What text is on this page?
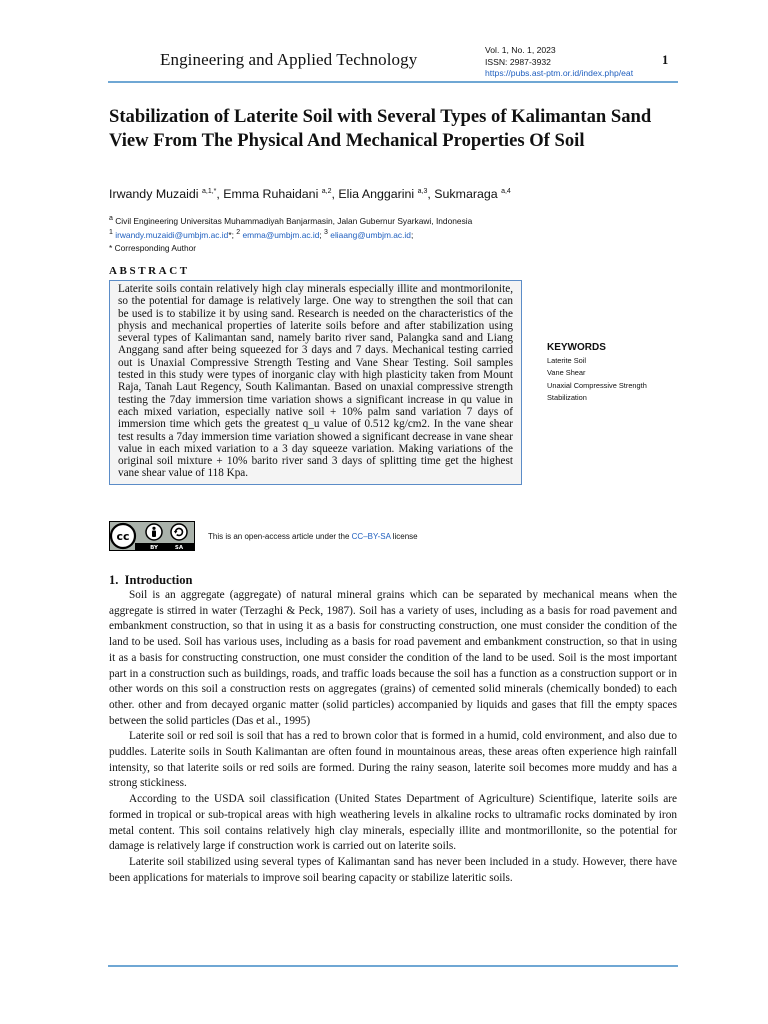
Engineering and Applied Technology	Vol. 1, No. 1, 2023
ISSN: 2987-3932
https://pubs.ast-ptm.or.id/index.php/eat
1
Stabilization of Laterite Soil with Several Types of Kalimantan Sand View From The Physical And Mechanical Properties Of Soil
Irwandy Muzaidi $^{a,1,*}$, Emma Ruhaidani $^{a,2}$, Elia Anggarini $^{a,3}$, Sukmaraga $^{a,4}$
$^a$ Civil Engineering Universitas Muhammadiyah Banjarmasin, Jalan Gubernur Syarkawi, Indonesia
$^1$ irwandy.muzaidi@umbjm.ac.id*; $^2$ emma@umbjm.ac.id; $^3$ eliaang@umbjm.ac.id;
* Corresponding Author
ABSTRACT
Laterite soils contain relatively high clay minerals especially illite and montmorilonite, so the potential for damage is relatively large. One way to strengthen the soil that can be used is to stabilize it by using sand. Research is needed on the characteristics of the physis and mechanical properties of laterite soils before and after stabilization using several types of Kalimantan sand, namely barito river sand, Palangka sand and Liang Anggang sand after being squeezed for 3 days and 7 days. Mechanical testing carried out is Unaxial Compressive Strength Testing and Vane Shear Testing. Soil samples tested in this study were types of inorganic clay with high plasticity taken from Mount Raja, Tanah Laut Regency, South Kalimantan. Based on unaxial compressive strength testing the 7day immersion time variation shows a significant increase in qu value in each mixed variation, especially native soil + 10% palm sand variation 7 days of immersion time which gets the greatest q_u value of 0.512 kg/cm2. In the vane shear test results a 7day immersion time variation showed a significant decrease in vane shear value in each mixed variation to a 3 day squeeze variation. Making variations of the original soil mixture + 10% barito river sand 3 days of splitting time get the highest vane shear value of 118 Kpa.
KEYWORDS
Laterite Soil
Vane Shear
Unaxial Compressive Strength
Stabilization
cc
BY	SA
This is an open-access article under the CC–BY-SA license
1. Introduction

Soil is an aggregate (aggregate) of natural mineral grains which can be separated by mechanical means when the aggregate is stirred in water (Terzaghi & Peck, 1987). Soil has a variety of uses, including as a basis for road pavement and embankment construction, so that in using it as a basis for constructing construction, one must consider the condition of the land to be used. Soil has various uses, including as a basis for road pavement and embankment construction, so that in using it as a basis for constructing construction, one must consider the condition of the land to be used. Soil is the most important part in a construction such as buildings, roads, and traffic loads because the soil has a function as a construction support or in other words on this soil a construction rests on aggregates (grains) of cemented solid minerals (chemically bonded) to each other. other and from decayed organic matter (solid particles) accompanied by liquids and gases that fill the empty spaces between the solid particles (Das et al., 1995)

Laterite soil or red soil is soil that has a red to brown color that is formed in a humid, cold environment, and also due to puddles. Laterite soils in South Kalimantan are often found in mountainous areas, these areas often experience high rainfall intensity, so that laterite soils or red soils are formed. During the rainy season, laterite soil becomes more muddy and has a strong stickiness.

According to the USDA soil classification (United States Department of Agriculture) Scientifique, laterite soils are formed in tropical or sub-tropical areas with high weathering levels in alkaline rocks to ultramafic rocks dominated by iron metal content. This soil contains relatively high clay minerals, especially illite and montmorillonite, so the potential for damage is relatively large if construction work is carried out on laterite soils.

Laterite soil stabilized using several types of Kalimantan sand has never been included in a study. However, there have been applications for materials to improve soil bearing capacity or stabilize lateritic soils.
